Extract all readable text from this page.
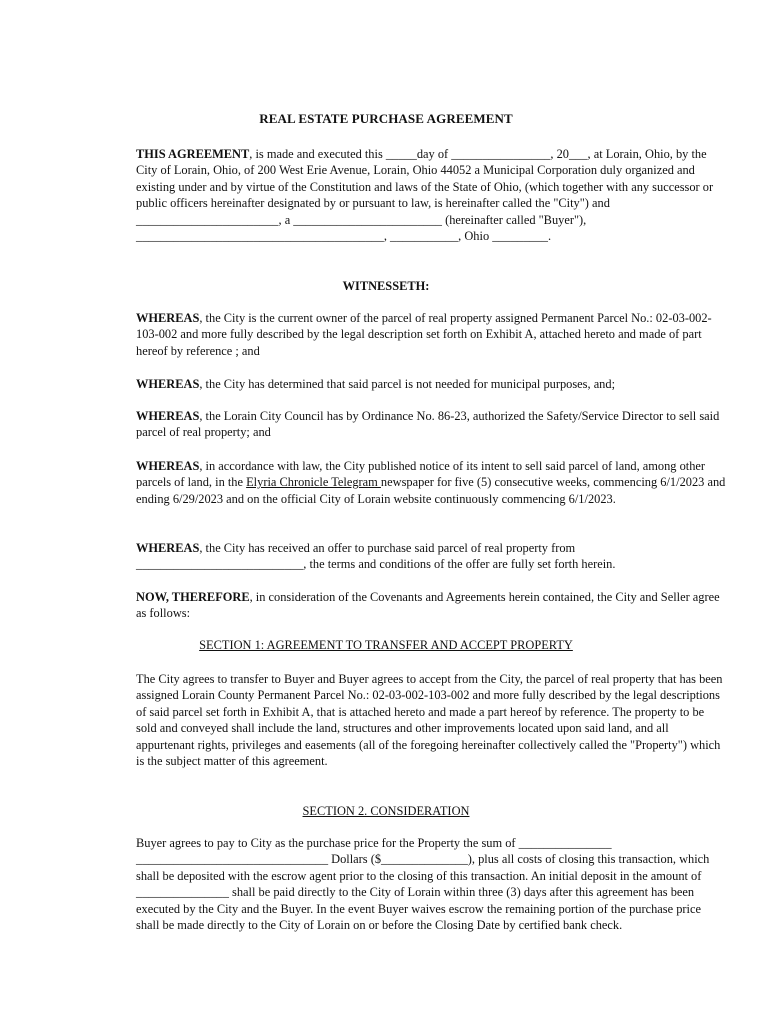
REAL ESTATE PURCHASE AGREEMENT

THIS AGREEMENT, is made and executed this _____day of ________________, 20___, at Lorain, Ohio, by the City of Lorain, Ohio, of 200 West Erie Avenue, Lorain, Ohio 44052 a Municipal Corporation duly organized and existing under and by virtue of the Constitution and laws of the State of Ohio, (which together with any successor or public officers hereinafter designated by or pursuant to law, is hereinafter called the "City") and _______________________, a ________________________ (hereinafter called "Buyer"), ________________________________________, ___________, Ohio _________.

WITNESSETH:

WHEREAS, the City is the current owner of the parcel of real property assigned Permanent Parcel No.: 02-03-002-103-002 and more fully described by the legal description set forth on Exhibit A, attached hereto and made of part hereof by reference ; and

WHEREAS, the City has determined that said parcel is not needed for municipal purposes, and;

WHEREAS, the Lorain City Council has by Ordinance No. 86-23, authorized the Safety/Service Director to sell said parcel of real property; and

WHEREAS, in accordance with law, the City published notice of its intent to sell said parcel of land, among other parcels of land, in the Elyria Chronicle Telegram newspaper for five (5) consecutive weeks, commencing 6/1/2023 and ending 6/29/2023 and on the official City of Lorain website continuously commencing 6/1/2023.

WHEREAS, the City has received an offer to purchase said parcel of real property from ___________________________, the terms and conditions of the offer are fully set forth herein.

NOW, THEREFORE, in consideration of the Covenants and Agreements herein contained, the City and Seller agree as follows:

SECTION 1: AGREEMENT TO TRANSFER AND ACCEPT PROPERTY

The City agrees to transfer to Buyer and Buyer agrees to accept from the City, the parcel of real property that has been assigned Lorain County Permanent Parcel No.: 02-03-002-103-002 and more fully described by the legal descriptions of said parcel set forth in Exhibit A, that is attached hereto and made a part hereof by reference. The property to be sold and conveyed shall include the land, structures and other improvements located upon said land, and all appurtenant rights, privileges and easements (all of the foregoing hereinafter collectively called the "Property") which is the subject matter of this agreement.

SECTION 2. CONSIDERATION

Buyer agrees to pay to City as the purchase price for the Property the sum of _______________ _______________________________ Dollars ($______________), plus all costs of closing this transaction, which shall be deposited with the escrow agent prior to the closing of this transaction. An initial deposit in the amount of _______________ shall be paid directly to the City of Lorain within three (3) days after this agreement has been executed by the City and the Buyer. In the event Buyer waives escrow the remaining portion of the purchase price shall be made directly to the City of Lorain on or before the Closing Date by certified bank check.
